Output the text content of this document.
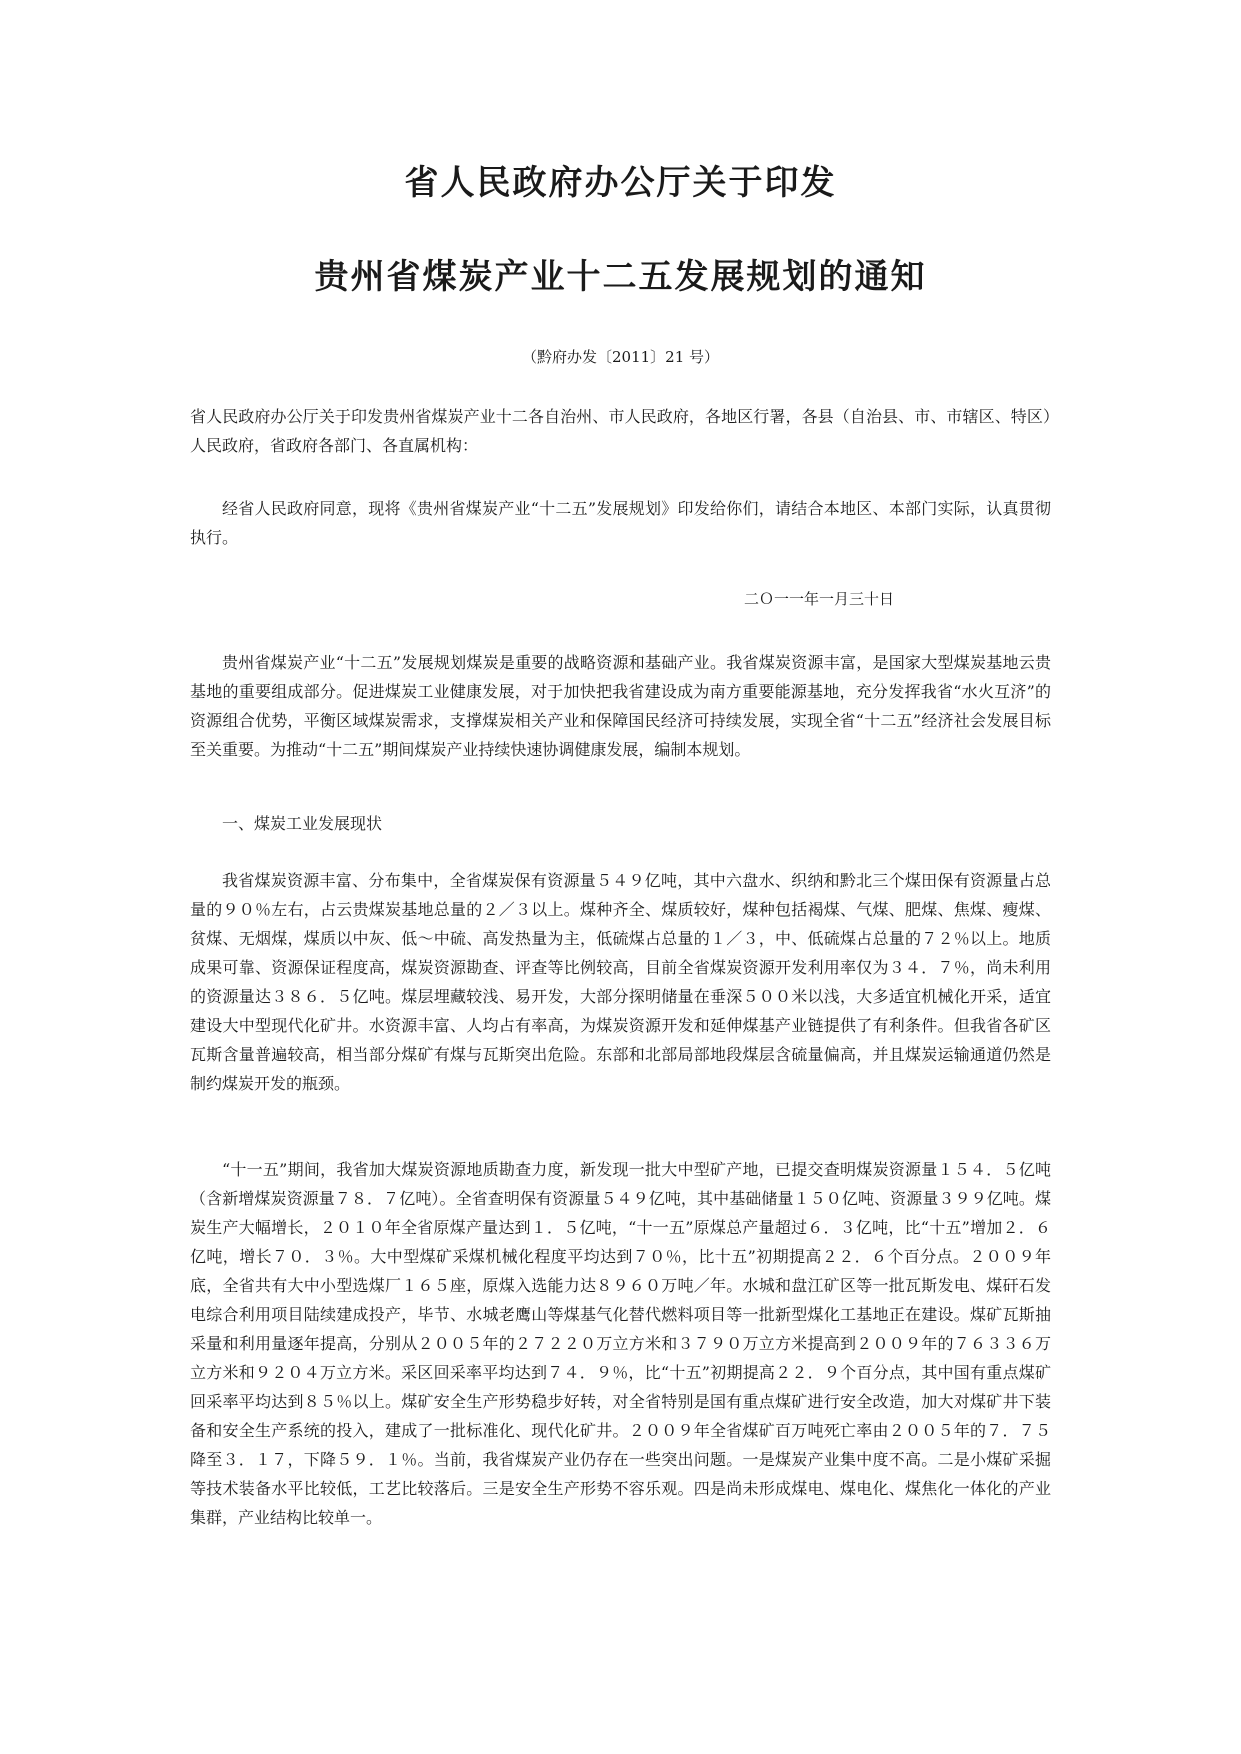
省人民政府办公厅关于印发
贵州省煤炭产业十二五发展规划的通知
（黔府办发〔2011〕21 号）

省人民政府办公厅关于印发贵州省煤炭产业十二各自治州、市人民政府，各地区行署，各县（自治县、市、市辖区、特区）人民政府，省政府各部门、各直属机构：

经省人民政府同意，现将《贵州省煤炭产业“十二五”发展规划》印发给你们，请结合本地区、本部门实际，认真贯彻执行。

二Ｏ一一年一月三十日

贵州省煤炭产业“十二五”发展规划煤炭是重要的战略资源和基础产业。我省煤炭资源丰富，是国家大型煤炭基地云贵基地的重要组成部分。促进煤炭工业健康发展，对于加快把我省建设成为南方重要能源基地，充分发挥我省“水火互济”的资源组合优势，平衡区域煤炭需求，支撑煤炭相关产业和保障国民经济可持续发展，实现全省“十二五”经济社会发展目标至关重要。为推动“十二五”期间煤炭产业持续快速协调健康发展，编制本规划。

一、煤炭工业发展现状

我省煤炭资源丰富、分布集中，全省煤炭保有资源量５４９亿吨，其中六盘水、织纳和黔北三个煤田保有资源量占总量的９０％左右，占云贵煤炭基地总量的２／３以上。煤种齐全、煤质较好，煤种包括褐煤、气煤、肥煤、焦煤、瘦煤、贫煤、无烟煤，煤质以中灰、低～中硫、高发热量为主，低硫煤占总量的１／３，中、低硫煤占总量的７２％以上。地质成果可靠、资源保证程度高，煤炭资源勘查、评查等比例较高，目前全省煤炭资源开发利用率仅为３４．７％，尚未利用的资源量达３８６．５亿吨。煤层埋藏较浅、易开发，大部分探明储量在垂深５００米以浅，大多适宜机械化开采，适宜建设大中型现代化矿井。水资源丰富、人均占有率高，为煤炭资源开发和延伸煤基产业链提供了有利条件。但我省各矿区瓦斯含量普遍较高，相当部分煤矿有煤与瓦斯突出危险。东部和北部局部地段煤层含硫量偏高，并且煤炭运输通道仍然是制约煤炭开发的瓶颈。

“十一五”期间，我省加大煤炭资源地质勘查力度，新发现一批大中型矿产地，已提交查明煤炭资源量１５４．５亿吨（含新增煤炭资源量７８．７亿吨）。全省查明保有资源量５４９亿吨，其中基础储量１５０亿吨、资源量３９９亿吨。煤炭生产大幅增长，２０１０年全省原煤产量达到１．５亿吨，“十一五”原煤总产量超过６．３亿吨，比“十五”增加２．６亿吨，增长７０．３％。大中型煤矿采煤机械化程度平均达到７０％，比十五”初期提高２２．６个百分点。２００９年底，全省共有大中小型选煤厂１６５座，原煤入选能力达８９６０万吨／年。水城和盘江矿区等一批瓦斯发电、煤矸石发电综合利用项目陆续建成投产，毕节、水城老鹰山等煤基气化替代燃料项目等一批新型煤化工基地正在建设。煤矿瓦斯抽采量和利用量逐年提高，分别从２００５年的２７２２０万立方米和３７９０万立方米提高到２００９年的７６３３６万立方米和９２０４万立方米。采区回采率平均达到７４．９％，比“十五”初期提高２２．９个百分点，其中国有重点煤矿回采率平均达到８５％以上。煤矿安全生产形势稳步好转，对全省特别是国有重点煤矿进行安全改造，加大对煤矿井下装备和安全生产系统的投入，建成了一批标准化、现代化矿井。２００９年全省煤矿百万吨死亡率由２００５年的７．７５降至３．１７，下降５９．１％。当前，我省煤炭产业仍存在一些突出问题。一是煤炭产业集中度不高。二是小煤矿采掘等技术装备水平比较低，工艺比较落后。三是安全生产形势不容乐观。四是尚未形成煤电、煤电化、煤焦化一体化的产业集群，产业结构比较单一。
